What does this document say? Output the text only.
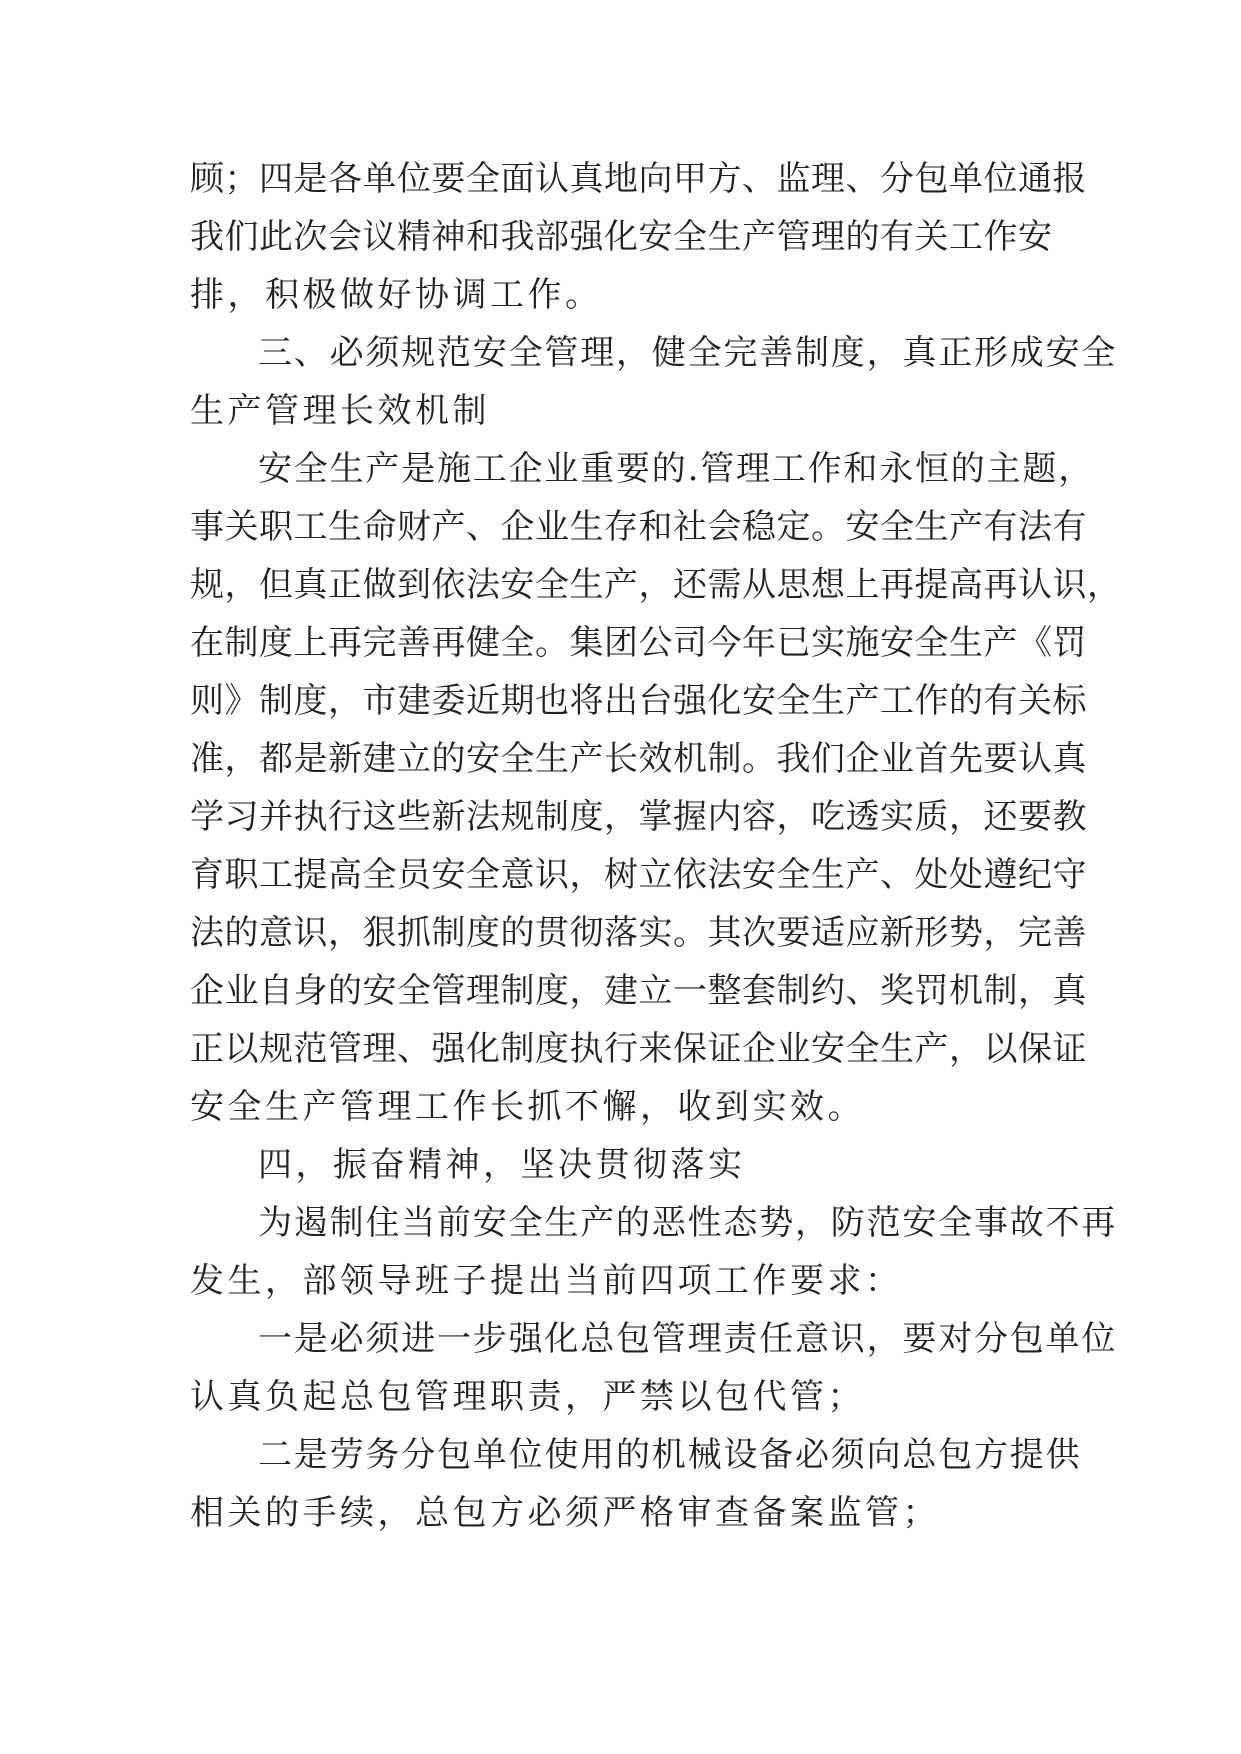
顾；四是各单位要全面认真地向甲方、监理、分包单位通报
我们此次会议精神和我部强化安全生产管理的有关工作安
排，积极做好协调工作。
三、必须规范安全管理，健全完善制度，真正形成安全
生产管理长效机制
安全生产是施工企业重要的.管理工作和永恒的主题，
事关职工生命财产、企业生存和社会稳定。安全生产有法有
规，但真正做到依法安全生产，还需从思想上再提高再认识，
在制度上再完善再健全。集团公司今年已实施安全生产《罚
则》制度，市建委近期也将出台强化安全生产工作的有关标
准，都是新建立的安全生产长效机制。我们企业首先要认真
学习并执行这些新法规制度，掌握内容，吃透实质，还要教
育职工提高全员安全意识，树立依法安全生产、处处遵纪守
法的意识，狠抓制度的贯彻落实。其次要适应新形势，完善
企业自身的安全管理制度，建立一整套制约、奖罚机制，真
正以规范管理、强化制度执行来保证企业安全生产，以保证
安全生产管理工作长抓不懈，收到实效。
四，振奋精神，坚决贯彻落实
为遏制住当前安全生产的恶性态势，防范安全事故不再
发生，部领导班子提出当前四项工作要求：
一是必须进一步强化总包管理责任意识，要对分包单位
认真负起总包管理职责，严禁以包代管；
二是劳务分包单位使用的机械设备必须向总包方提供
相关的手续，总包方必须严格审查备案监管；
